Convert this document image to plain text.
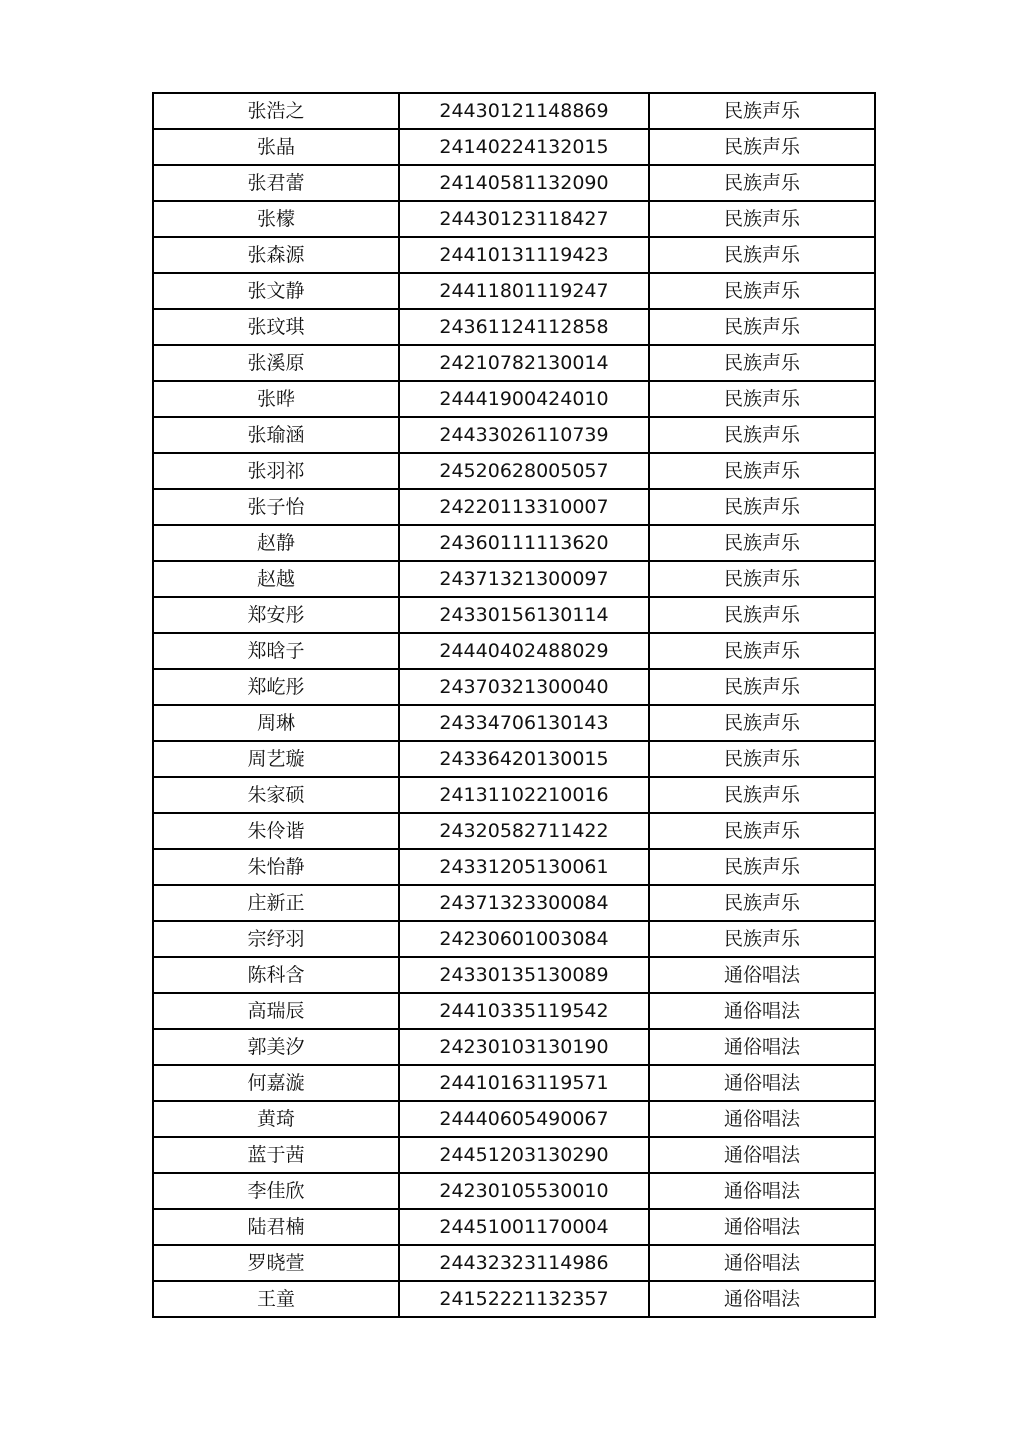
张浩之	24430121148869	民族声乐
张晶	24140224132015	民族声乐
张君蕾	24140581132090	民族声乐
张檬	24430123118427	民族声乐
张森源	24410131119423	民族声乐
张文静	24411801119247	民族声乐
张玟琪	24361124112858	民族声乐
张溪原	24210782130014	民族声乐
张晔	24441900424010	民族声乐
张瑜涵	24433026110739	民族声乐
张羽祁	24520628005057	民族声乐
张子怡	24220113310007	民族声乐
赵静	24360111113620	民族声乐
赵越	24371321300097	民族声乐
郑安彤	24330156130114	民族声乐
郑晗子	24440402488029	民族声乐
郑屹彤	24370321300040	民族声乐
周琳	24334706130143	民族声乐
周艺璇	24336420130015	民族声乐
朱家硕	24131102210016	民族声乐
朱伶谐	24320582711422	民族声乐
朱怡静	24331205130061	民族声乐
庄新正	24371323300084	民族声乐
宗纾羽	24230601003084	民族声乐
陈科含	24330135130089	通俗唱法
高瑞辰	24410335119542	通俗唱法
郭美汐	24230103130190	通俗唱法
何嘉漩	24410163119571	通俗唱法
黄琦	24440605490067	通俗唱法
蓝于茜	24451203130290	通俗唱法
李佳欣	24230105530010	通俗唱法
陆君楠	24451001170004	通俗唱法
罗晓萱	24432323114986	通俗唱法
王童	24152221132357	通俗唱法
